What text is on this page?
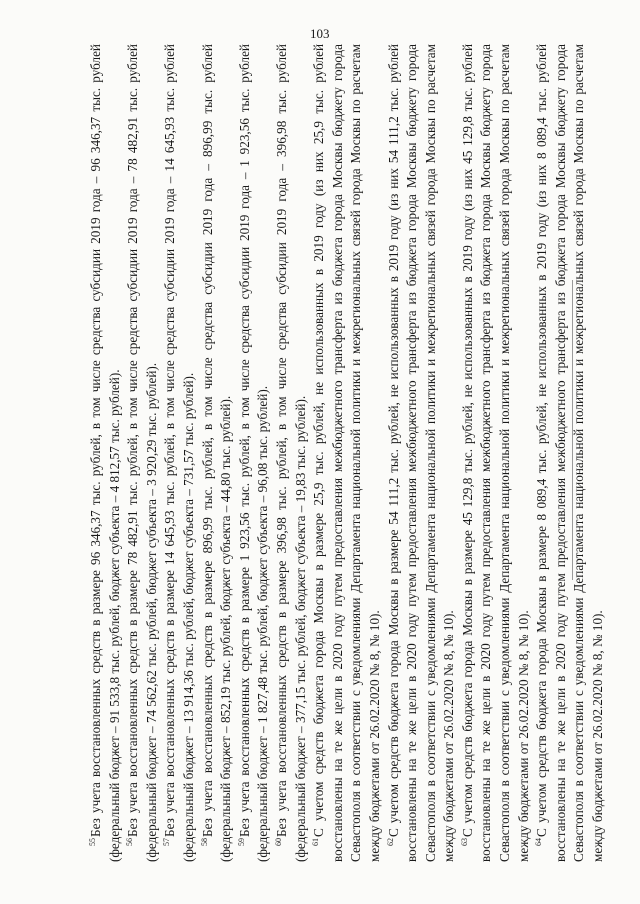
103

$^{55}$Без учета восстановленных средств в размере 96 346,37 тыс. рублей, в том числе средства субсидии 2019 года – 96 346,37 тыс. рублей (федеральный бюджет – 91 533,8 тыс. рублей, бюджет субъекта – 4 812,57 тыс. рублей). $^{56}$Без учета восстановленных средств в размере 78 482,91 тыс. рублей, в том числе средства субсидии 2019 года – 78 482,91 тыс. рублей (федеральный бюджет – 74 562,62 тыс. рублей, бюджет субъекта – 3 920,29 тыс. рублей). $^{57}$Без учета восстановленных средств в размере 14 645,93 тыс. рублей, в том числе средства субсидии 2019 года – 14 645,93 тыс. рублей (федеральный бюджет – 13 914,36 тыс. рублей, бюджет субъекта – 731,57 тыс. рублей). $^{58}$Без учета восстановленных средств в размере 896,99 тыс. рублей, в том числе средства субсидии 2019 года – 896,99 тыс. рублей (федеральный бюджет – 852,19 тыс. рублей, бюджет субъекта – 44,80 тыс. рублей). $^{59}$Без учета восстановленных средств в размере 1 923,56 тыс. рублей, в том числе средства субсидии 2019 года – 1 923,56 тыс. рублей (федеральный бюджет – 1 827,48 тыс. рублей, бюджет субъекта – 96,08 тыс. рублей). $^{60}$Без учета восстановленных средств в размере 396,98 тыс. рублей, в том числе средства субсидии 2019 года – 396,98 тыс. рублей (федеральный бюджет – 377,15 тыс. рублей, бюджет субъекта – 19,83 тыс. рублей). $^{61}$С учетом средств бюджета города Москвы в размере 25,9 тыс. рублей, не использованных в 2019 году (из них 25,9 тыс. рублей восстановлены на те же цели в 2020 году путем предоставления межбюджетного трансферта из бюджета города Москвы бюджету города Севастополя в соответствии с уведомлениями Департамента национальной политики и межрегиональных связей города Москвы по расчетам между бюджетами от 26.02.2020 № 8, № 10). $^{62}$С учетом средств бюджета города Москвы в размере 54 111,2 тыс. рублей, не использованных в 2019 году (из них 54 111,2 тыс. рублей восстановлены на те же цели в 2020 году путем предоставления межбюджетного трансферта из бюджета города Москвы бюджету города Севастополя в соответствии с уведомлениями Департамента национальной политики и межрегиональных связей города Москвы по расчетам между бюджетами от 26.02.2020 № 8, № 10). $^{63}$С учетом средств бюджета города Москвы в размере 45 129,8 тыс. рублей, не использованных в 2019 году (из них 45 129,8 тыс. рублей восстановлены на те же цели в 2020 году путем предоставления межбюджетного трансферта из бюджета города Москвы бюджету города Севастополя в соответствии с уведомлениями Департамента национальной политики и межрегиональных связей города Москвы по расчетам между бюджетами от 26.02.2020 № 8, № 10). $^{64}$С учетом средств бюджета города Москвы в размере 8 089,4 тыс. рублей, не использованных в 2019 году (из них 8 089,4 тыс. рублей восстановлены на те же цели в 2020 году путем предоставления межбюджетного трансферта из бюджета города Москвы бюджету города Севастополя в соответствии с уведомлениями Департамента национальной политики и межрегиональных связей города Москвы по расчетам между бюджетами от 26.02.2020 № 8, № 10).
